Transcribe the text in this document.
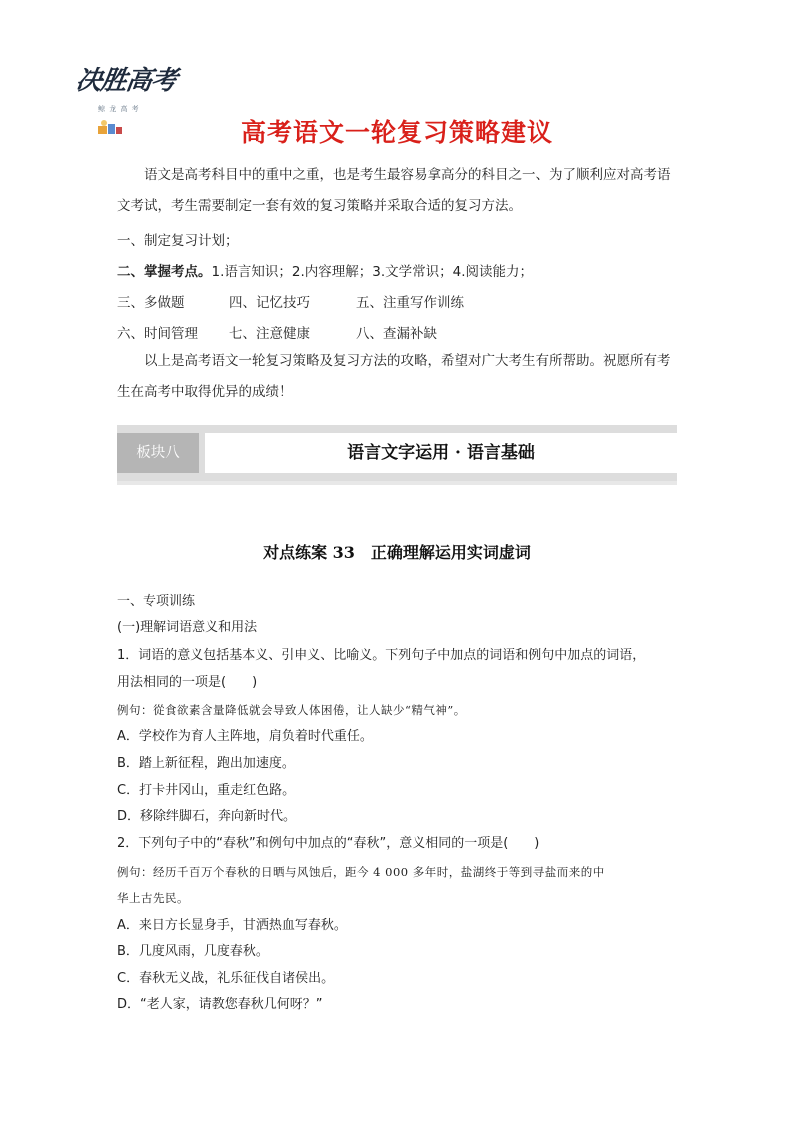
决胜高考
鲸 龙 高 考
高考语文一轮复习策略建议
语文是高考科目中的重中之重，也是考生最容易拿高分的科目之一、为了顺利应对高考语文考试，考生需要制定一套有效的复习策略并采取合适的复习方法。
一、制定复习计划；
二、掌握考点。1.语言知识；2.内容理解；3.文学常识；4.阅读能力；
三、多做题	四、记忆技巧	五、注重写作训练
六、时间管理 七、注意健康	八、查漏补缺
以上是高考语文一轮复习策略及复习方法的攻略，希望对广大考生有所帮助。祝愿所有考生在高考中取得优异的成绩！
板块八	语言文字运用 · 语言基础
对点练案 33　正确理解运用实词虚词
一、专项训练
(一)理解词语意义和用法
1．词语的意义包括基本义、引申义、比喻义。下列句子中加点的词语和例句中加点的词语，
用法相同的一项是(　　)
例句：從食欲素含量降低就会导致人体困倦，让人缺少“精气神”。
A．学校作为育人主阵地，肩负着时代重任。
B．踏上新征程，跑出加速度。
C．打卡井冈山，重走红色路。
D．移除绊脚石，奔向新时代。
2．下列句子中的“春秋”和例句中加点的“春秋”，意义相同的一项是(　　)
例句：经历千百万个春秋的日晒与风蚀后，距今 4 000 多年时，盐湖终于等到寻盐而来的中
华上古先民。
A．来日方长显身手，甘洒热血写春秋。
B．几度风雨，几度春秋。
C．春秋无义战，礼乐征伐自诸侯出。
D．“老人家，请教您春秋几何呀？”
